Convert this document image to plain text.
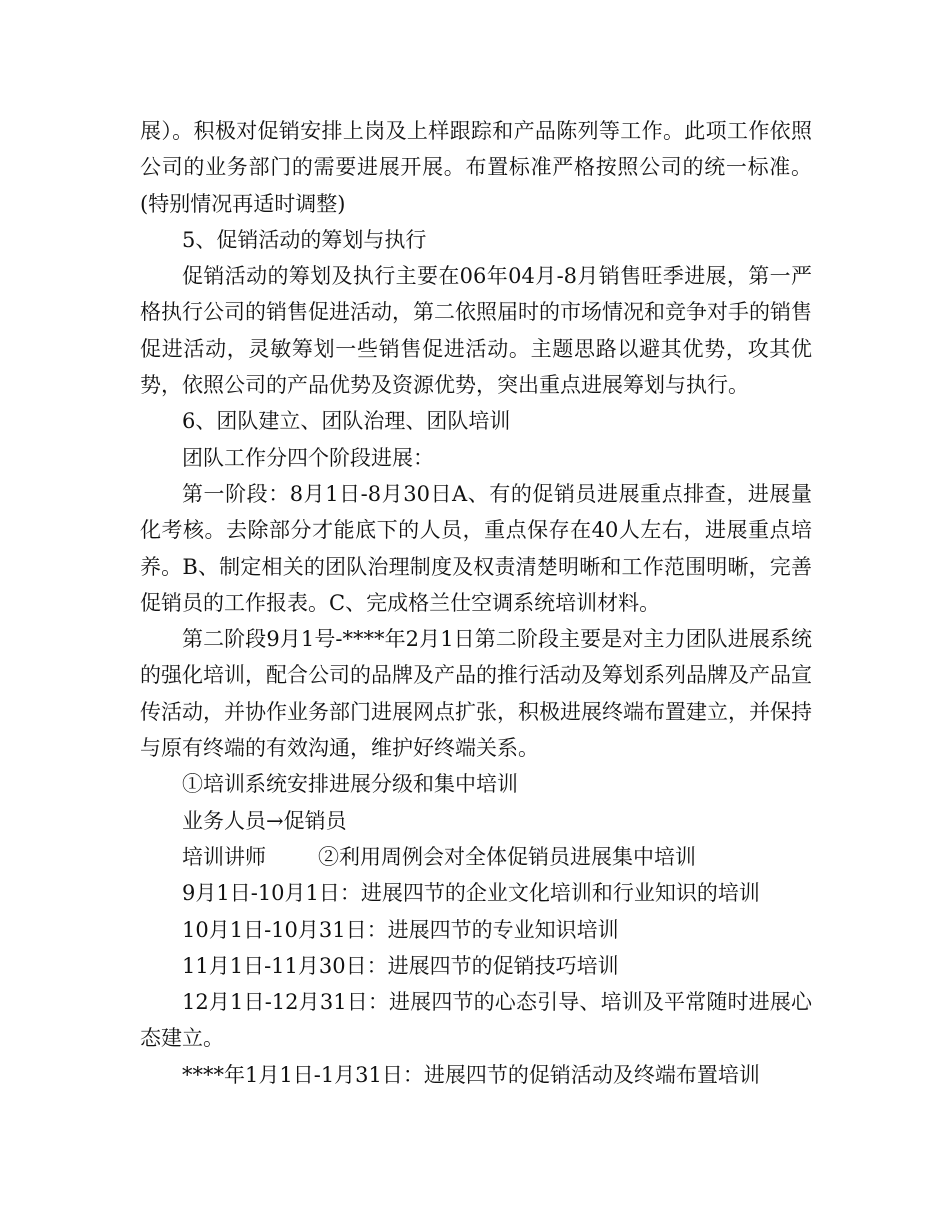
展）。积极对促销安排上岗及上样跟踪和产品陈列等工作。此项工作依照公司的业务部门的需要进展开展。布置标准严格按照公司的统一标准。(特别情况再适时调整)

5、促销活动的筹划与执行

促销活动的筹划及执行主要在06年04月-8月销售旺季进展，第一严格执行公司的销售促进活动，第二依照届时的市场情况和竞争对手的销售促进活动，灵敏筹划一些销售促进活动。主题思路以避其优势，攻其优势，依照公司的产品优势及资源优势，突出重点进展筹划与执行。

6、团队建立、团队治理、团队培训

团队工作分四个阶段进展：

第一阶段：8月1日-8月30日A、有的促销员进展重点排查，进展量化考核。去除部分才能底下的人员，重点保存在40人左右，进展重点培养。B、制定相关的团队治理制度及权责清楚明晰和工作范围明晰，完善促销员的工作报表。C、完成格兰仕空调系统培训材料。

第二阶段9月1号-****年2月1日第二阶段主要是对主力团队进展系统的强化培训，配合公司的品牌及产品的推行活动及筹划系列品牌及产品宣传活动，并协作业务部门进展网点扩张，积极进展终端布置建立，并保持与原有终端的有效沟通，维护好终端关系。

①培训系统安排进展分级和集中培训

业务人员→促销员

培训讲师 ②利用周例会对全体促销员进展集中培训

9月1日-10月1日：进展四节的企业文化培训和行业知识的培训

10月1日-10月31日：进展四节的专业知识培训

11月1日-11月30日：进展四节的促销技巧培训

12月1日-12月31日：进展四节的心态引导、培训及平常随时进展心态建立。

****年1月1日-1月31日：进展四节的促销活动及终端布置培训
